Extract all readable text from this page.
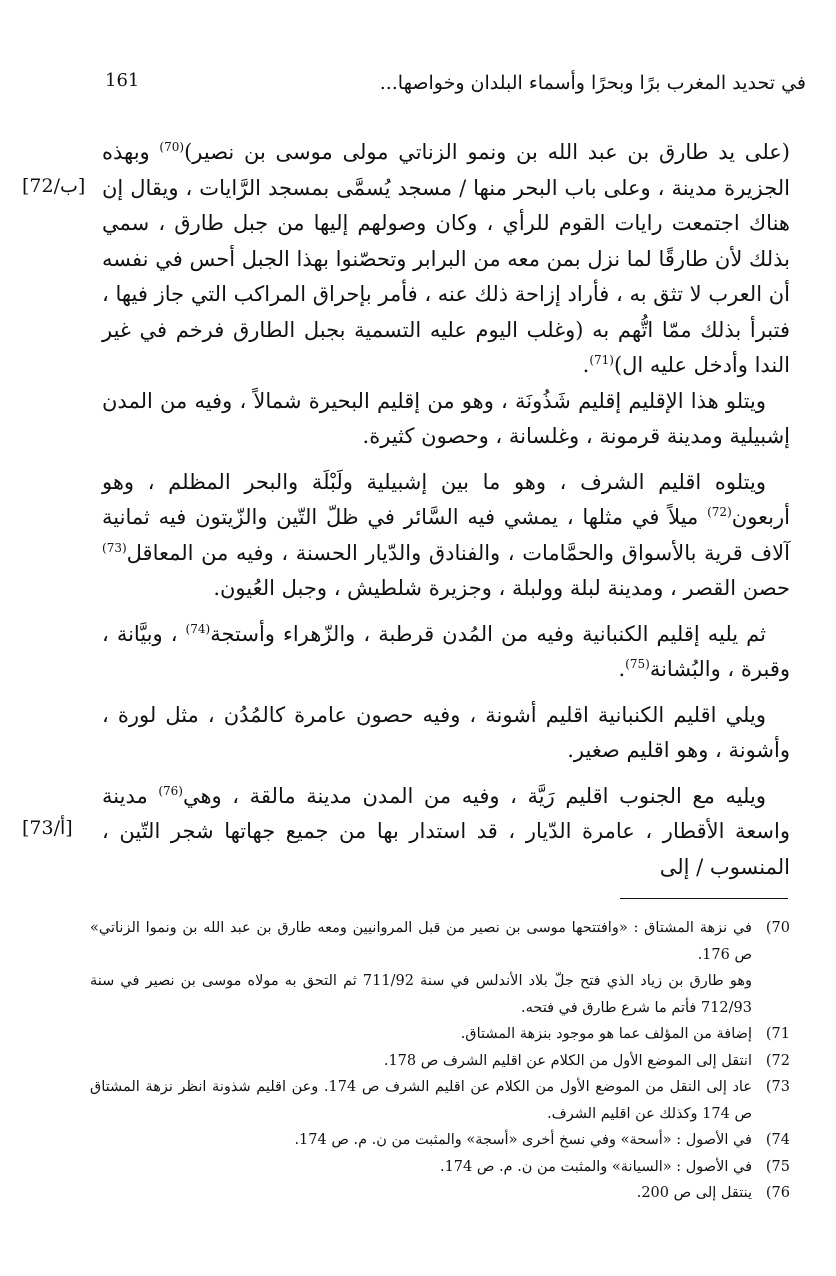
161	في تحديد المغرب برًا وبحرًا وأسماء البلدان وخواصها...

(على يد طارق بن عبد الله بن ونمو الزناتي مولى موسى بن نصير)$^{(70)}$ وبهذه الجزيرة مدينة ، وعلى باب البحر منها / مسجد يُسمَّى بمسجد الرَّايات ، ويقال إن هناك اجتمعت رايات القوم للرأي ، وكان وصولهم إليها من جبل طارق ، سمي بذلك لأن طارقًا لما نزل بمن معه من البرابر وتحصّنوا بهذا الجبل أحس في نفسه أن العرب لا تثق به ، فأراد إزاحة ذلك عنه ، فأمر بإحراق المراكب التي جاز فيها ، فتبرأ بذلك ممّا اتُّهم به (وغلب اليوم عليه التسمية بجبل الطارق فرخم في غير الندا وأدخل عليه ال)$^{(71)}$.

ويتلو هذا الإقليم إقليم شَذُونَة ، وهو من إقليم البحيرة شمالاً ، وفيه من المدن إشبيلية ومدينة قرمونة ، وغلسانة ، وحصون كثيرة.

ويتلوه اقليم الشرف ، وهو ما بين إشبيلية ولَبْلَة والبحر المظلم ، وهو أربعون$^{(72)}$ ميلاً في مثلها ، يمشي فيه السَّائر في ظلّ التّين والزّيتون فيه ثمانية آلاف قرية بالأسواق والحمَّامات ، والفنادق والدّيار الحسنة ، وفيه من المعاقل$^{(73)}$ حصن القصر ، ومدينة لبلة وولبلة ، وجزيرة شلطيش ، وجبل العُيون.

ثم يليه إقليم الكنبانية وفيه من المُدن قرطبة ، والزّهراء وأستجة$^{(74)}$ ، وبيَّانة ، وقبرة ، والبُشانة$^{(75)}$.

ويلي اقليم الكنبانية اقليم أشونة ، وفيه حصون عامرة كالمُدُن ، مثل لورة ، وأشونة ، وهو اقليم صغير.

ويليه مع الجنوب اقليم رَيَّة ، وفيه من المدن مدينة مالقة ، وهي$^{(76)}$ مدينة واسعة الأقطار ، عامرة الدّيار ، قد استدار بها من جميع جهاتها شجر التّين ، المنسوب / إلى

[72/ب]
[73/أ]
70)
في نزهة المشتاق : «وافتتحها موسى بن نصير من قبل المروانيين ومعه طارق بن عبد الله بن ونموا الزناتي» ص 176.
وهو طارق بن زياد الذي فتح جلّ بلاد الأندلس في سنة 711/92 ثم التحق به مولاه موسى بن نصير في سنة 712/93 فأتم ما شرع طارق في فتحه.
71)
إضافة من المؤلف عما هو موجود بنزهة المشتاق.
72)
انتقل إلى الموضع الأول من الكلام عن اقليم الشرف ص 178.
73)
عاد إلى النقل من الموضع الأول من الكلام عن اقليم الشرف ص 174. وعن اقليم شذونة انظر نزهة المشتاق ص 174 وكذلك عن اقليم الشرف.
74)
في الأصول : «أسحة» وفي نسخ أخرى «أسجة» والمثبت من ن. م. ص 174.
75)
في الأصول : «السيانة» والمثبت من ن. م. ص 174.
76)
ينتقل إلى ص 200.
